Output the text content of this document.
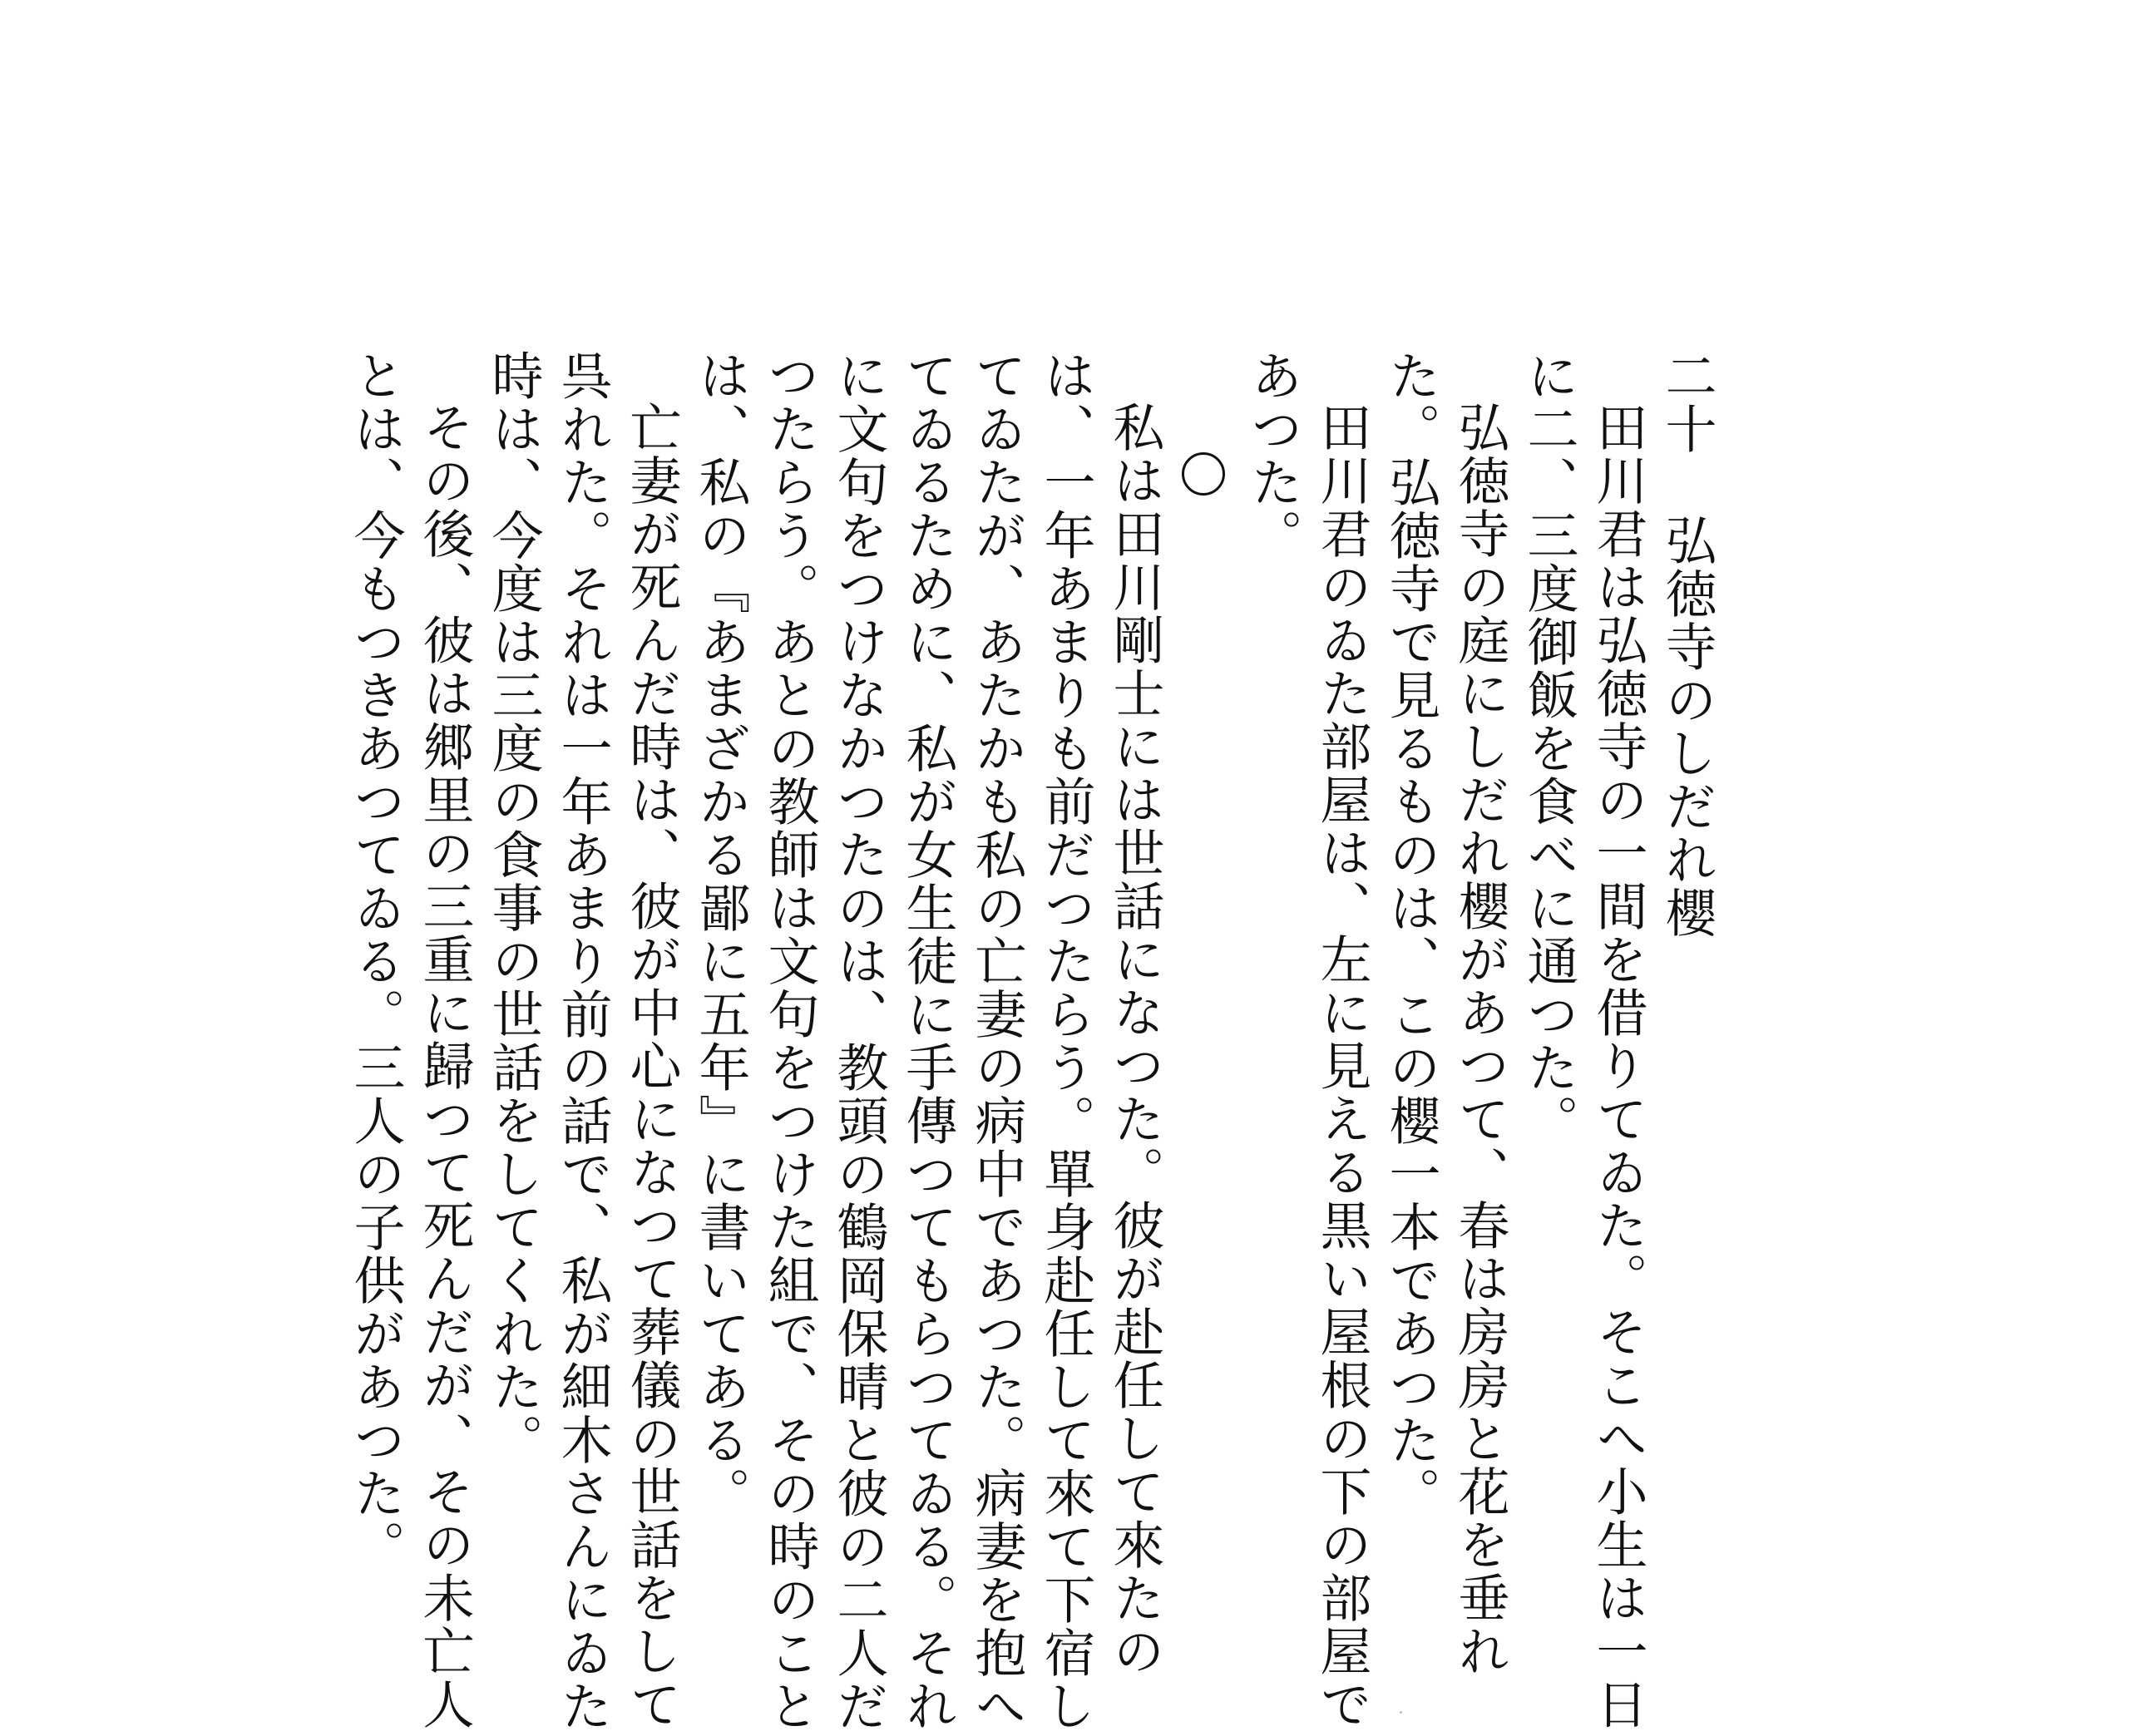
二十弘徳寺のしだれ櫻
田川君は弘徳寺の一間を借りてゐた。そこへ小生は一日
に二、三度御飯を食べに通つた。
弘徳寺の庭にしだれ櫻があつて、春は房房と花を垂れ
た。弘徳寺で見るものは、この櫻一本であつた。
田川君のゐた部屋は、左に見える黒い屋根の下の部屋で
あつた。
私は田川剛士には世話になつた。彼が赴任して來たの
は、一年あまりも前だつたらう。單身赴任して來て下宿し
てゐたが、あたかも私の亡妻の病中であつた。病妻を抱へ
てゐるために、私が女生徒に手傳つてもらつてゐる。それ
に文句をつけなかつたのは、教頭の鶴岡保晴と彼の二人だ
つたらう。あとの教師は文句をつけた組で、その時のこと
は、私の『あまざかる鄙に五年』に書いてある。
亡妻が死んだ時は、彼が中心になつて葬儀の世話をして
呉れた。それは一年あまり前の話で、私が細木さんにゐた
時は、今度は三度の食事の世話をしてくれた。
その後、彼は郷里の三重に歸つて死んだが、その未亡人
とは、今もつきあつてゐる。三人の子供があつた。
